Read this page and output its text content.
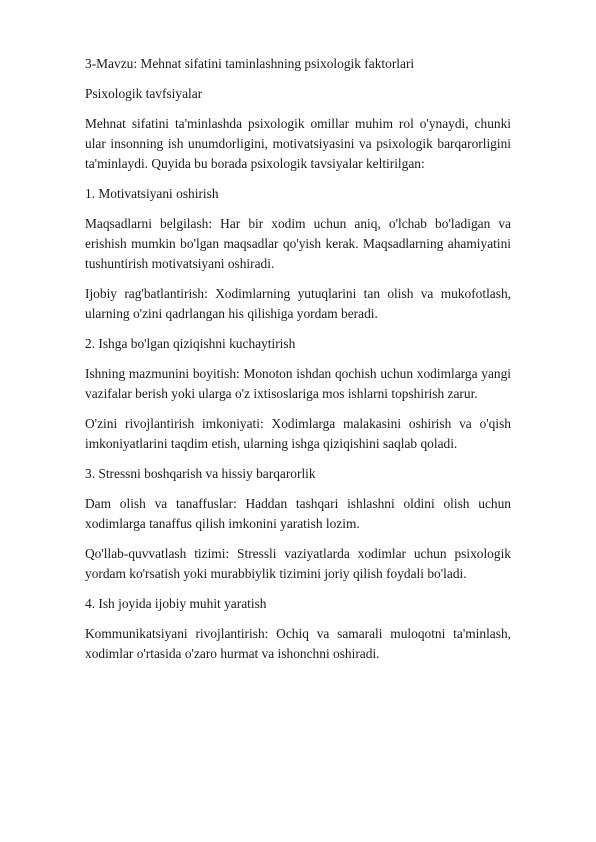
3-Mavzu: Mehnat sifatini taminlashning psixologik faktorlari

Psixologik tavfsiyalar

Mehnat sifatini ta'minlashda psixologik omillar muhim rol o'ynaydi, chunki ular insonning ish unumdorligini, motivatsiyasini va psixologik barqarorligini ta'minlaydi. Quyida bu borada psixologik tavsiyalar keltirilgan:

1. Motivatsiyani oshirish

Maqsadlarni belgilash: Har bir xodim uchun aniq, o'lchab bo'ladigan va erishish mumkin bo'lgan maqsadlar qo'yish kerak. Maqsadlarning ahamiyatini tushuntirish motivatsiyani oshiradi.

Ijobiy rag'batlantirish: Xodimlarning yutuqlarini tan olish va mukofotlash, ularning o'zini qadrlangan his qilishiga yordam beradi.

2. Ishga bo'lgan qiziqishni kuchaytirish

Ishning mazmunini boyitish: Monoton ishdan qochish uchun xodimlarga yangi vazifalar berish yoki ularga o'z ixtisoslariga mos ishlarni topshirish zarur.

O'zini rivojlantirish imkoniyati: Xodimlarga malakasini oshirish va o'qish imkoniyatlarini taqdim etish, ularning ishga qiziqishini saqlab qoladi.

3. Stressni boshqarish va hissiy barqarorlik

Dam olish va tanaffuslar: Haddan tashqari ishlashni oldini olish uchun xodimlarga tanaffus qilish imkonini yaratish lozim.

Qo'llab-quvvatlash tizimi: Stressli vaziyatlarda xodimlar uchun psixologik yordam ko'rsatish yoki murabbiylik tizimini joriy qilish foydali bo'ladi.

4. Ish joyida ijobiy muhit yaratish

Kommunikatsiyani rivojlantirish: Ochiq va samarali muloqotni ta'minlash, xodimlar o'rtasida o'zaro hurmat va ishonchni oshiradi.
